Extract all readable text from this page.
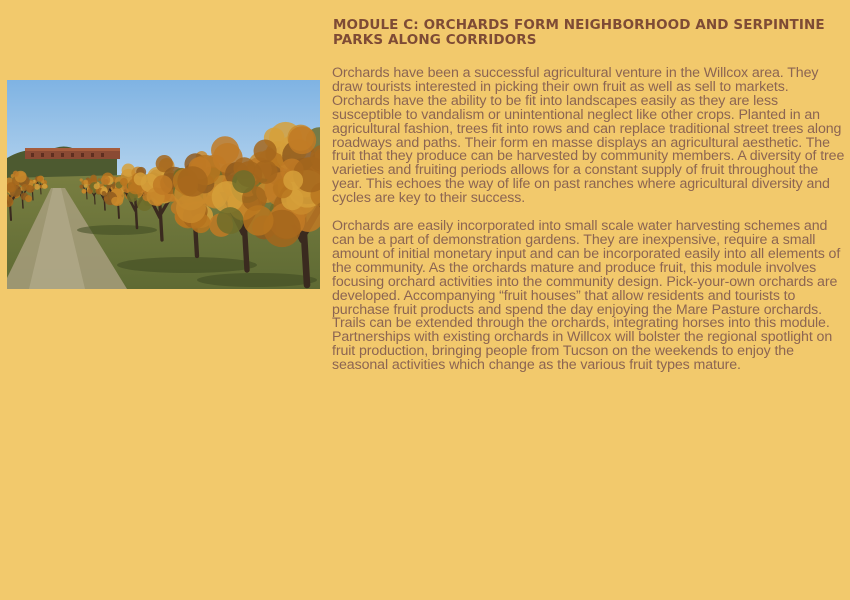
MODULE C: ORCHARDS FORM NEIGHBORHOOD AND SERPINTINE PARKS ALONG CORRIDORS

Orchards have been a successful agricultural venture in the Willcox area. They draw tourists interested in picking their own fruit as well as sell to markets. Orchards have the ability to be fit into landscapes easily as they are less susceptible to vandalism or unintentional neglect like other crops. Planted in an agricultural fashion, trees fit into rows and can replace traditional street trees along roadways and paths. Their form en masse displays an agricultural aesthetic. The fruit that they produce can be harvested by community members. A diversity of tree varieties and fruiting periods allows for a constant supply of fruit throughout the year. This echoes the way of life on past ranches where agricultural diversity and cycles are key to their success.

Orchards are easily incorporated into small scale water harvesting schemes and can be a part of demonstration gardens. They are inexpensive, require a small amount of initial monetary input and can be incorporated easily into all elements of the community. As the orchards mature and produce fruit, this module involves focusing orchard activities into the community design. Pick-your-own orchards are developed. Accompanying “fruit houses” that allow residents and tourists to purchase fruit products and spend the day enjoying the Mare Pasture orchards. Trails can be extended through the orchards, integrating horses into this module. Partnerships with existing orchards in Willcox will bolster the regional spotlight on fruit production, bringing people from Tucson on the weekends to enjoy the seasonal activities which change as the various fruit types mature.
